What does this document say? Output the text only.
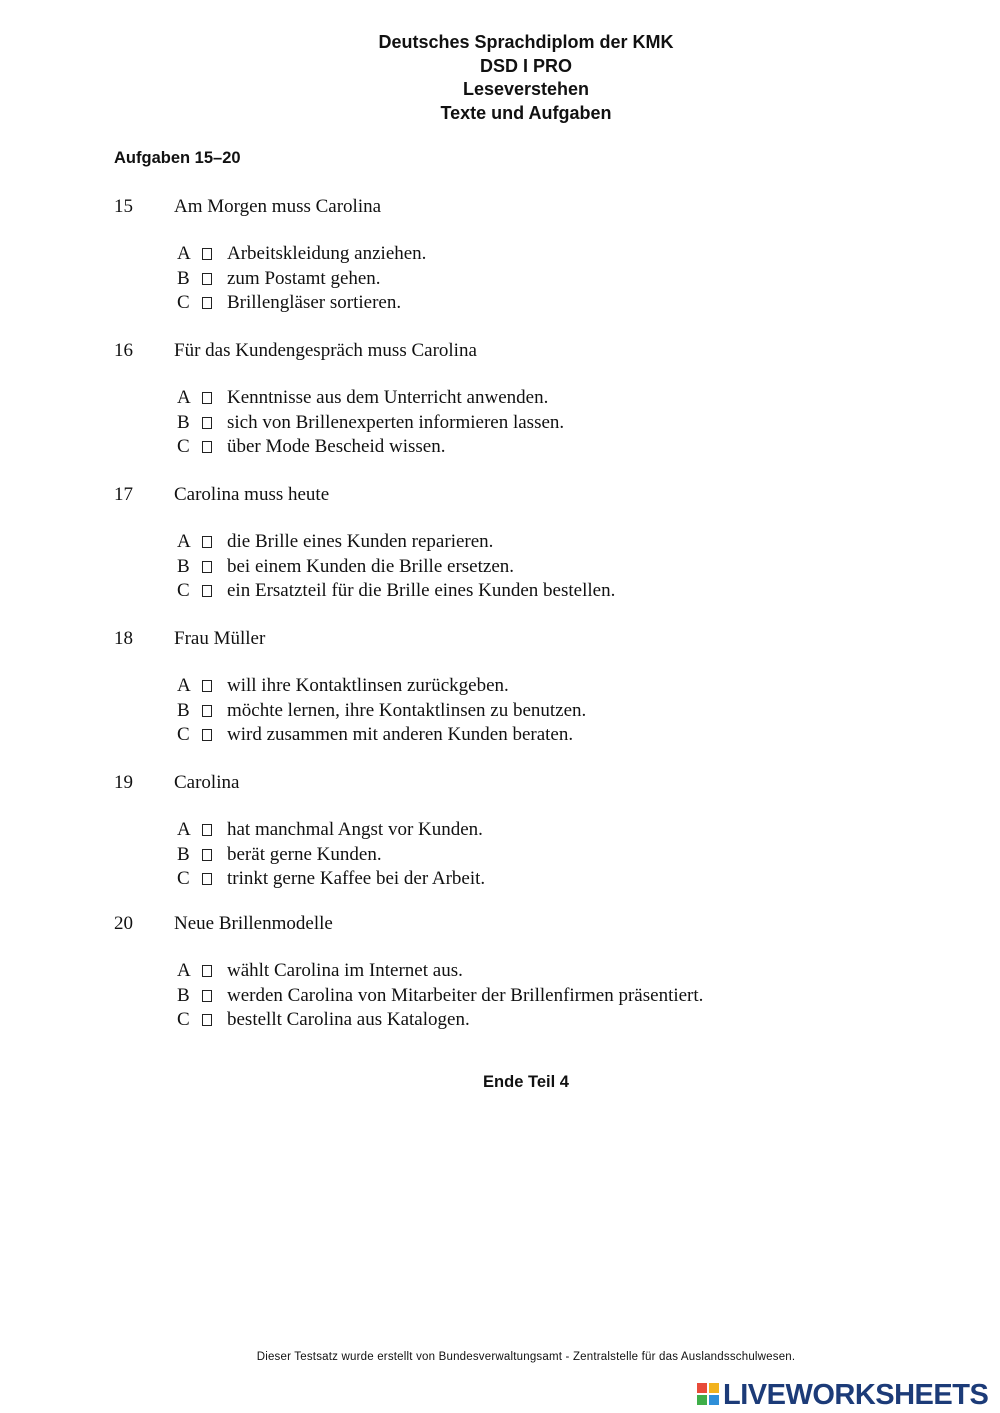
Deutsches Sprachdiplom der KMK
DSD I PRO
Leseverstehen
Texte und Aufgaben
Aufgaben 15–20
15 Am Morgen muss Carolina
A Arbeitskleidung anziehen.
B zum Postamt gehen.
C Brillengläser sortieren.
16 Für das Kundengespräch muss Carolina
A Kenntnisse aus dem Unterricht anwenden.
B sich von Brillenexperten informieren lassen.
C über Mode Bescheid wissen.
17 Carolina muss heute
A die Brille eines Kunden reparieren.
B bei einem Kunden die Brille ersetzen.
C ein Ersatzteil für die Brille eines Kunden bestellen.
18 Frau Müller
A will ihre Kontaktlinsen zurückgeben.
B möchte lernen, ihre Kontaktlinsen zu benutzen.
C wird zusammen mit anderen Kunden beraten.
19 Carolina
A hat manchmal Angst vor Kunden.
B berät gerne Kunden.
C trinkt gerne Kaffee bei der Arbeit.
20 Neue Brillenmodelle
A wählt Carolina im Internet aus.
B werden Carolina von Mitarbeiter der Brillenfirmen präsentiert.
C bestellt Carolina aus Katalogen.
Ende Teil 4
Dieser Testsatz wurde erstellt von Bundesverwaltungsamt - Zentralstelle für das Auslandsschulwesen.
LIVEWORKSHEETS
